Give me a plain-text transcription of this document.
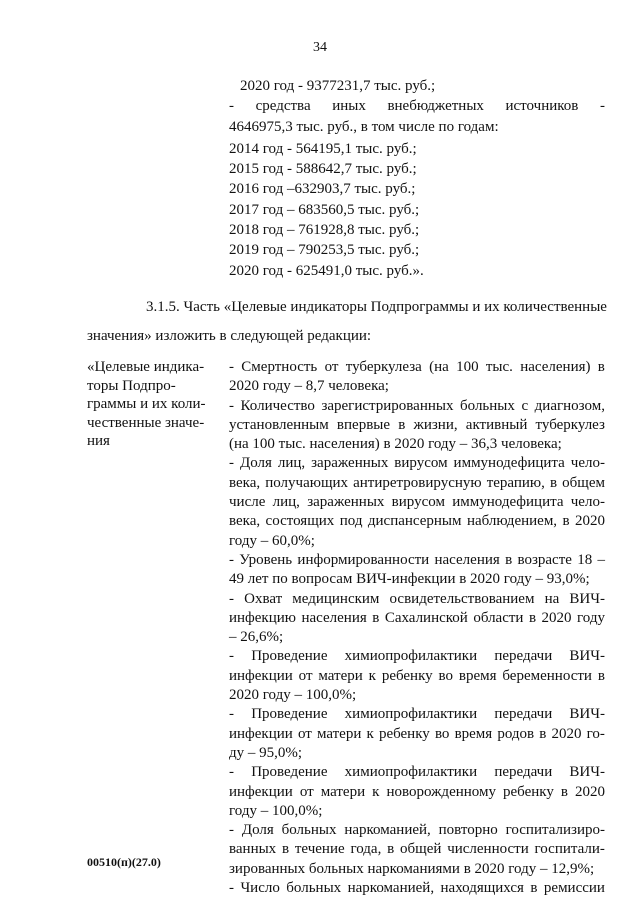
34
2020 год - 9377231,7 тыс. руб.;
- средства иных внебюджетных источников -
4646975,3 тыс. руб., в том числе по годам:
2014 год - 564195,1 тыс. руб.;
2015 год - 588642,7 тыс. руб.;
2016 год –632903,7 тыс. руб.;
2017 год – 683560,5 тыс. руб.;
2018 год – 761928,8 тыс. руб.;
2019 год – 790253,5 тыс. руб.;
2020 год - 625491,0 тыс. руб.».
3.1.5. Часть «Целевые индикаторы Подпрограммы и их количественные
значения» изложить в следующей редакции:
«Целевые индика-
торы Подпро-
граммы и их коли-
чественные значе-
ния
- Смертность от туберкулеза (на 100 тыс. населения) в
2020 году – 8,7 человека;
- Количество зарегистрированных больных с диагнозом,
установленным впервые в жизни, активный туберкулез
(на 100 тыс. населения) в 2020 году – 36,3 человека;
- Доля лиц, зараженных вирусом иммунодефицита чело-
века, получающих антиретровирусную терапию, в общем
числе лиц, зараженных вирусом иммунодефицита чело-
века, состоящих под диспансерным наблюдением, в 2020
году – 60,0%;
- Уровень информированности населения в возрасте 18 –
49 лет по вопросам ВИЧ-инфекции в 2020 году – 93,0%;
- Охват медицинским освидетельствованием на ВИЧ-
инфекцию населения в Сахалинской области в 2020 году
– 26,6%;
- Проведение химиопрофилактики передачи ВИЧ-
инфекции от матери к ребенку во время беременности в
2020 году – 100,0%;
- Проведение химиопрофилактики передачи ВИЧ-
инфекции от матери к ребенку во время родов в 2020 го-
ду – 95,0%;
- Проведение химиопрофилактики передачи ВИЧ-
инфекции от матери к новорожденному ребенку в 2020
году – 100,0%;
- Доля больных наркоманией, повторно госпитализиро-
ванных в течение года, в общей численности госпитали-
зированных больных наркоманиями в 2020 году – 12,9%;
- Число больных наркоманией, находящихся в ремиссии
00510(п)(27.0)
